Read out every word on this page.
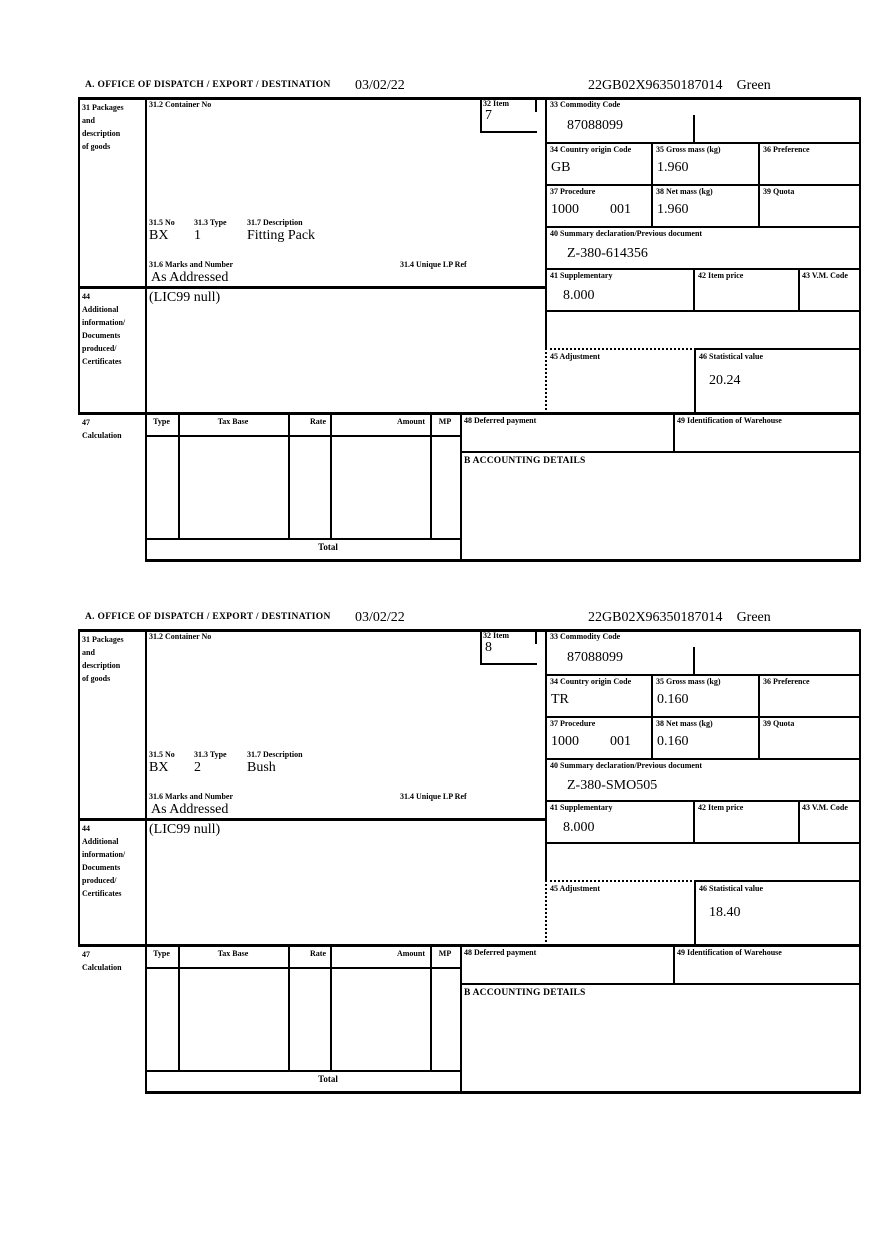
A. OFFICE OF DISPATCH / EXPORT / DESTINATION 03/02/22	22GB02X96350187014 Green
31 Packages
and
description
of goods
44
Additional
information/
Documents
produced/
Certificates
47
Calculation
31.2 Container No	32 Item
7
31.5 No 31.3 Type	31.7 Description
BX 1	Fitting Pack
31.6 Marks and Number	31.4 Unique LP Ref
As Addressed
(LIC99 null)
33 Commodity Code
87088099
34 Country origin Code
GB
35 Gross mass (kg)
1.960
36 Preference
37 Procedure
1000 001
38 Net mass (kg)
1.960
39 Quota
40 Summary declaration/Previous document
Z-380-614356
41 Supplementary
8.000
42 Item price	43 V.M. Code
45 Adjustment	46 Statistical value
20.24
Type	Tax Base	Rate	Amount	MP
Total
48 Deferred payment	49 Identification of Warehouse
B ACCOUNTING DETAILS
A. OFFICE OF DISPATCH / EXPORT / DESTINATION 03/02/22	22GB02X96350187014 Green
31 Packages
and
description
of goods
44
Additional
information/
Documents
produced/
Certificates
47
Calculation
31.2 Container No	32 Item
8
31.5 No 31.3 Type	31.7 Description
BX 2	Bush
31.6 Marks and Number	31.4 Unique LP Ref
As Addressed
(LIC99 null)
33 Commodity Code
87088099
34 Country origin Code
TR
35 Gross mass (kg)
0.160
36 Preference
37 Procedure
1000 001
38 Net mass (kg)
0.160
39 Quota
40 Summary declaration/Previous document
Z-380-SMO505
41 Supplementary
8.000
42 Item price	43 V.M. Code
45 Adjustment	46 Statistical value
18.40
Type	Tax Base	Rate	Amount	MP
Total
48 Deferred payment	49 Identification of Warehouse
B ACCOUNTING DETAILS
